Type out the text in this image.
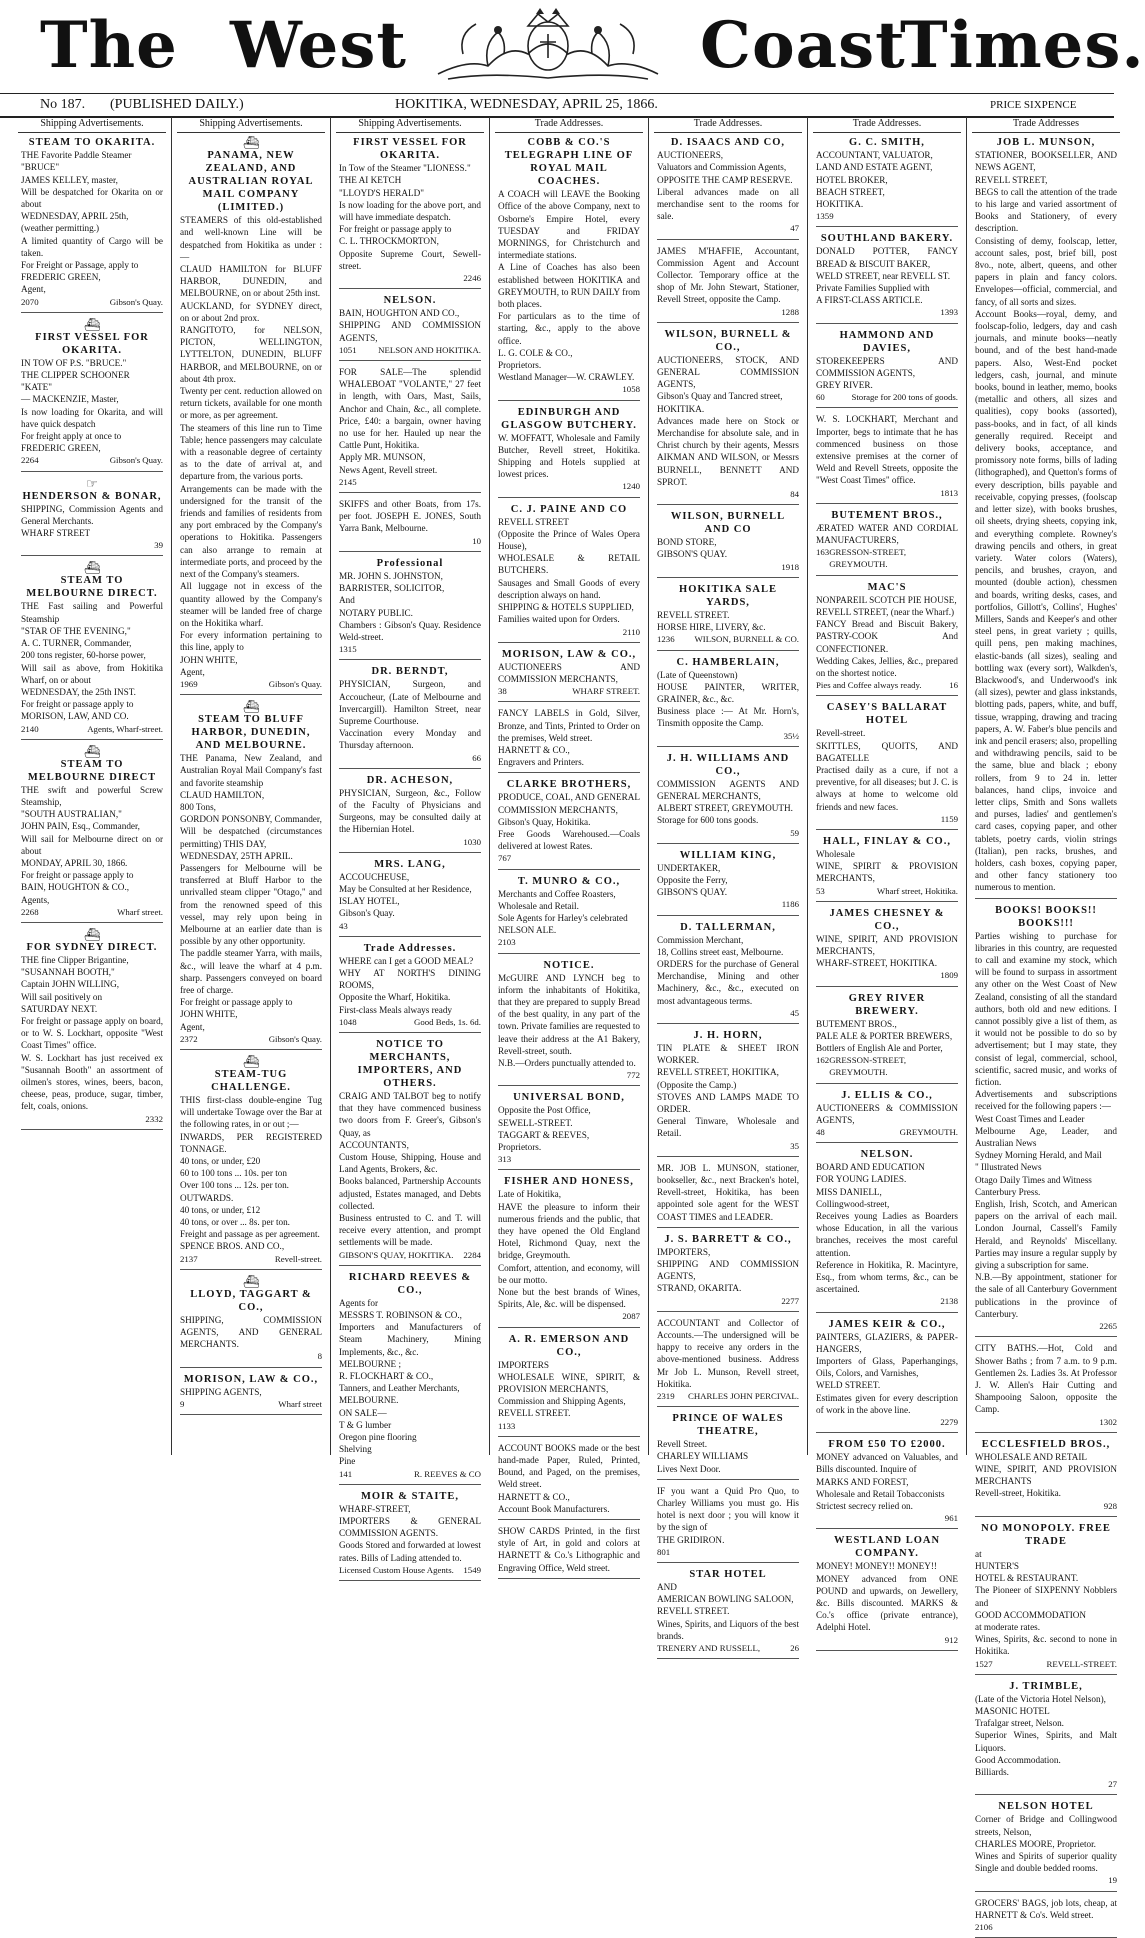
The West	Coast
Times.
No 187. (PUBLISHED DAILY.)	HOKITIKA, WEDNESDAY, APRIL 25, 1866.	PRICE SIXPENCE
Shipping Advertisements.

STEAM TO OKARITA.

THE Favorite Paddle Steamer
"BRUCE"
JAMES KELLEY, master,
Will be despatched for Okarita on or about
WEDNESDAY, APRIL 25th,
(weather permitting.)
A limited quantity of Cargo will be taken.
For Freight or Passage, apply to
FREDERIC GREEN,
Agent,

2070	Gibson's Quay.
⛴

FIRST VESSEL FOR OKARITA.

IN TOW OF P.S. "BRUCE."
THE CLIPPER SCHOONER
"KATE"
— MACKENZIE, Master,
Is now loading for Okarita, and will have quick despatch
For freight apply at once to
FREDERIC GREEN,

2264	Gibson's Quay.
☞

HENDERSON & BONAR,

SHIPPING, Commission Agents and General Merchants.
WHARF STREET

39
⛴

STEAM TO MELBOURNE DIRECT.

THE Fast sailing and Powerful Steamship
"STAR OF THE EVENING,"
A. C. TURNER, Commander,
200 tons register, 60-horse power,
Will sail as above, from Hokitika Wharf, on or about
WEDNESDAY, the 25th INST.
For freight or passage apply to
MORISON, LAW, AND CO.

2140	Agents, Wharf-street.
⛴

STEAM TO MELBOURNE DIRECT

THE swift and powerful Screw Steamship,
"SOUTH AUSTRALIAN,"
JOHN PAIN, Esq., Commander,
Will sail for Melbourne direct on or about
MONDAY, APRIL 30, 1866.
For freight or passage apply to
BAIN, HOUGHTON & CO.,
Agents,

2268	Wharf street.
⛴

FOR SYDNEY DIRECT.

THE fine Clipper Brigantine,
"SUSANNAH BOOTH,"
Captain JOHN WILLING,
Will sail positively on
SATURDAY NEXT.
For freight or passage apply on board, or to W. S. Lockhart, opposite "West Coast Times" office.
W. S. Lockhart has just received ex "Susannah Booth" an assortment of oilmen's stores, wines, beers, bacon, cheese, peas, produce, sugar, timber, felt, coals, onions.

2332
Shipping Advertisements.
⛴

PANAMA, NEW ZEALAND, AND AUSTRALIAN ROYAL MAIL COMPANY (LIMITED.)

STEAMERS of this old-established and well-known Line will be despatched from Hokitika as under :—
CLAUD HAMILTON for BLUFF HARBOR, DUNEDIN, and MELBOURNE, on or about 25th inst.
AUCKLAND, for SYDNEY direct, on or about 2nd prox.
RANGITOTO, for NELSON, PICTON, WELLINGTON, LYTTELTON, DUNEDIN, BLUFF HARBOR, and MELBOURNE, on or about 4th prox.
Twenty per cent. reduction allowed on return tickets, available for one month or more, as per agreement.
The steamers of this line run to Time Table; hence passengers may calculate with a reasonable degree of certainty as to the date of arrival at, and departure from, the various ports.
Arrangements can be made with the undersigned for the transit of the friends and families of residents from any port embraced by the Company's operations to Hokitika. Passengers can also arrange to remain at intermediate ports, and proceed by the next of the Company's steamers.
All luggage not in excess of the quantity allowed by the Company's steamer will be landed free of charge on the Hokitika wharf.
For every information pertaining to this line, apply to
JOHN WHITE,
Agent,

1969	Gibson's Quay.
⛴

STEAM TO BLUFF HARBOR, DUNEDIN, AND MELBOURNE.

THE Panama, New Zealand, and Australian Royal Mail Company's fast and favorite steamship
CLAUD HAMILTON,
800 Tons,
GORDON PONSONBY, Commander,
Will be despatched (circumstances permitting) THIS DAY,
WEDNESDAY, 25TH APRIL.
Passengers for Melbourne will be transferred at Bluff Harbor to the unrivalled steam clipper "Otago," and from the renowned speed of this vessel, may rely upon being in Melbourne at an earlier date than is possible by any other opportunity.
The paddle steamer Yarra, with mails, &c., will leave the wharf at 4 p.m. sharp. Passengers conveyed on board free of charge.
For freight or passage apply to
JOHN WHITE,
Agent,

2372	Gibson's Quay.
⛴

STEAM-TUG CHALLENGE.

THIS first-class double-engine Tug will undertake Towage over the Bar at the following rates, in or out ;—
INWARDS, PER REGISTERED TONNAGE.
40 tons, or under, £20
60 to 100 tons ... 10s. per ton
Over 100 tons ... 12s. per ton.
OUTWARDS.
40 tons, or under, £12
40 tons, or over ... 8s. per ton.
Freight and passage as per agreement.
SPENCE BROS. AND CO.,

2137	Revell-street.
⛴

LLOYD, TAGGART & CO.,

SHIPPING, COMMISSION AGENTS, AND GENERAL MERCHANTS.

8

MORISON, LAW & CO.,

SHIPPING AGENTS,

9	Wharf street
Shipping Advertisements.

FIRST VESSEL FOR OKARITA.

In Tow of the Steamer "LIONESS."
THE AI KETCH
"LLOYD'S HERALD"
Is now loading for the above port, and will have immediate despatch.
For freight or passage apply to
C. L. THROCKMORTON,
Opposite Supreme Court, Sewell-street.

2246

NELSON.

BAIN, HOUGHTON AND CO.,
SHIPPING AND COMMISSION AGENTS,

1051 NELSON AND HOKITIKA.

FOR SALE—The splendid WHALEBOAT "VOLANTE," 27 feet in length, with Oars, Mast, Sails, Anchor and Chain, &c., all complete. Price, £40: a bargain, owner having no use for her. Hauled up near the Cattle Punt, Hokitika.
Apply MR. MUNSON,
News Agent, Revell street.

2145

SKIFFS and other Boats, from 17s. per foot. JOSEPH E. JONES, South Yarra Bank, Melbourne.

10

Professional

MR. JOHN S. JOHNSTON,
BARRISTER, SOLICITOR,
And
NOTARY PUBLIC.
Chambers : Gibson's Quay. Residence Weld-street.

1315

DR. BERNDT,

PHYSICIAN, Surgeon, and Accoucheur, (Late of Melbourne and Invercargill). Hamilton Street, near Supreme Courthouse.
Vaccination every Monday and Thursday afternoon.

66

DR. ACHESON,

PHYSICIAN, Surgeon, &c., Follow of the Faculty of Physicians and Surgeons, may be consulted daily at the Hibernian Hotel.

1030

MRS. LANG,

ACCOUCHEUSE,
May be Consulted at her Residence,
ISLAY HOTEL,
Gibson's Quay.

43

Trade Addresses.

WHERE can I get a GOOD MEAL?
WHY AT NORTH'S DINING ROOMS,
Opposite the Wharf, Hokitika.
First-class Meals always ready

1048	Good Beds, 1s. 6d.

NOTICE TO MERCHANTS, IMPORTERS, AND OTHERS.

CRAIG AND TALBOT beg to notify that they have commenced business two doors from F. Greer's, Gibson's Quay, as
ACCOUNTANTS,
Custom House, Shipping, House and Land Agents, Brokers, &c.
Books balanced, Partnership Accounts adjusted, Estates managed, and Debts collected.
Business entrusted to C. and T. will receive every attention, and prompt settlements will be made.

GIBSON'S QUAY, HOKITIKA. 2284

RICHARD REEVES & CO.,

Agents for
MESSRS T. ROBINSON & CO.,
Importers and Manufacturers of Steam Machinery, Mining Implements, &c., &c.
MELBOURNE ;
R. FLOCKHART & CO.,
Tanners, and Leather Merchants,
MELBOURNE.
ON SALE—
T & G lumber
Oregon pine flooring
Shelving
Pine

141	R. REEVES & CO

MOIR & STAITE,

WHARF-STREET,
IMPORTERS & GENERAL COMMISSION AGENTS.
Goods Stored and forwarded at lowest rates. Bills of Lading attended to.

Licensed Custom House Agents. 1549
Trade Addresses.

COBB & CO.'S TELEGRAPH LINE OF ROYAL MAIL COACHES.

A COACH will LEAVE the Booking Office of the above Company, next to Osborne's Empire Hotel, every TUESDAY and FRIDAY MORNINGS, for Christchurch and intermediate stations.
A Line of Coaches has also been established between HOKITIKA and GREYMOUTH, to RUN DAILY from both places.
For particulars as to the time of starting, &c., apply to the above office.
L. G. COLE & CO.,
Proprietors.
Westland Manager—W. CRAWLEY.

1058

EDINBURGH AND GLASGOW BUTCHERY.

W. MOFFATT, Wholesale and Family Butcher, Revell street, Hokitika. Shipping and Hotels supplied at lowest prices.

1240

C. J. PAINE AND CO

REVELL STREET
(Opposite the Prince of Wales Opera House),
WHOLESALE & RETAIL BUTCHERS.
Sausages and Small Goods of every description always on hand.
SHIPPING & HOTELS SUPPLIED,
Families waited upon for Orders.

2110

MORISON, LAW & CO.,

AUCTIONEERS AND COMMISSION MERCHANTS,

38	WHARF STREET.

FANCY LABELS in Gold, Silver, Bronze, and Tints, Printed to Order on the premises, Weld street.
HARNETT & CO.,
Engravers and Printers.

CLARKE BROTHERS,

PRODUCE, COAL, AND GENERAL COMMISSION MERCHANTS,
Gibson's Quay, Hokitika.
Free Goods Warehoused.—Coals delivered at lowest Rates.

767

T. MUNRO & CO.,

Merchants and Coffee Roasters,
Wholesale and Retail.
Sole Agents for Harley's celebrated
NELSON ALE.

2103

NOTICE.

McGUIRE AND LYNCH beg to inform the inhabitants of Hokitika, that they are prepared to supply Bread of the best quality, in any part of the town. Private families are requested to leave their address at the A1 Bakery, Revell-street, south.
N.B.—Orders punctually attended to.

772

UNIVERSAL BOND,

Opposite the Post Office,
SEWELL-STREET.
TAGGART & REEVES,
Proprietors.

313

FISHER AND HONESS,

Late of Hokitika,
HAVE the pleasure to inform their numerous friends and the public, that they have opened the Old England Hotel, Richmond Quay, next the bridge, Greymouth.
Comfort, attention, and economy, will be our motto.
None but the best brands of Wines, Spirits, Ale, &c. will be dispensed.

2087

A. R. EMERSON AND CO.,

IMPORTERS
WHOLESALE WINE, SPIRIT, & PROVISION MERCHANTS,
Commission and Shipping Agents,
REVELL STREET.

1133

ACCOUNT BOOKS made or the best hand-made Paper, Ruled, Printed, Bound, and Paged, on the premises, Weld street.
HARNETT & CO.,
Account Book Manufacturers.

SHOW CARDS Printed, in the first style of Art, in gold and colors at HARNETT & Co.'s Lithographic and Engraving Office, Weld street.

Trade Addresses.

D. ISAACS AND CO,

AUCTIONEERS,
Valuators and Commission Agents,
OPPOSITE THE CAMP RESERVE.
Liberal advances made on all merchandise sent to the rooms for sale.

47

JAMES M'HAFFIE, Accountant, Commission Agent and Account Collector. Temporary office at the shop of Mr. John Stewart, Stationer, Revell Street, opposite the Camp.

1288

WILSON, BURNELL & CO.,

AUCTIONEERS, STOCK, AND GENERAL COMMISSION AGENTS,
Gibson's Quay and Tancred street,
HOKITIKA.
Advances made here on Stock or Merchandise for absolute sale, and in Christ church by their agents, Messrs AIKMAN AND WILSON, or Messrs BURNELL, BENNETT AND SPROT.

84

WILSON, BURNELL AND CO

BOND STORE,
GIBSON'S QUAY.

1918

HOKITIKA SALE YARDS,

REVELL STREET.
HORSE HIRE, LIVERY, &c.

1236 WILSON, BURNELL & CO.

C. HAMBERLAIN,

(Late of Queenstown)
HOUSE PAINTER, WRITER, GRAINER, &c., &c.
Business place :— At Mr. Horn's, Tinsmith opposite the Camp.

35½

J. H. WILLIAMS AND CO.,

COMMISSION AGENTS AND GENERAL MERCHANTS,
ALBERT STREET, GREYMOUTH.
Storage for 600 tons goods.

59

WILLIAM KING,

UNDERTAKER,
Opposite the Ferry,
GIBSON'S QUAY.

1186

D. TALLERMAN,

Commission Merchant,
18, Collins street east, Melbourne.
ORDERS for the purchase of General Merchandise, Mining and other Machinery, &c., &c., executed on most advantageous terms.

45

J. H. HORN,

TIN PLATE & SHEET IRON WORKER.
REVELL STREET, HOKITIKA,
(Opposite the Camp.)
STOVES AND LAMPS MADE TO ORDER.
General Tinware, Wholesale and Retail.

35

MR. JOB L. MUNSON, stationer, bookseller, &c., next Bracken's hotel, Revell-street, Hokitika, has been appointed sole agent for the WEST COAST TIMES and LEADER.

J. S. BARRETT & CO.,

IMPORTERS,
SHIPPING AND COMMISSION AGENTS,
STRAND, OKARITA.

2277

ACCOUNTANT and Collector of Accounts.—The undersigned will be happy to receive any orders in the above-mentioned business. Address Mr Job L. Munson, Revell street, Hokitika.

2319 CHARLES JOHN PERCIVAL.

PRINCE OF WALES THEATRE,

Revell Street.
CHARLEY WILLIAMS
Lives Next Door.

IF you want a Quid Pro Quo, to Charley Williams you must go. His hotel is next door ; you will know it by the sign of
THE GRIDIRON.

801

STAR HOTEL

AND
AMERICAN BOWLING SALOON,
REVELL STREET.
Wines, Spirits, and Liquors of the best brands.

TRENERY AND RUSSELL,	26
Trade Addresses.

G. C. SMITH,

ACCOUNTANT, VALUATOR,
LAND AND ESTATE AGENT,
HOTEL BROKER,
BEACH STREET,
HOKITIKA.

1359

SOUTHLAND BAKERY.

DONALD POTTER, FANCY BREAD & BISCUIT BAKER,
WELD STREET, near REVELL ST.
Private Families Supplied with
A FIRST-CLASS ARTICLE.

1393

HAMMOND AND DAVIES,

STOREKEEPERS AND COMMISSION AGENTS,
GREY RIVER.

60	Storage for 200 tons of goods.

W. S. LOCKHART, Merchant and Importer, begs to intimate that he has commenced business on those extensive premises at the corner of Weld and Revell Streets, opposite the "West Coast Times" office.

1813

BUTEMENT BROS.,

ÆRATED WATER AND CORDIAL MANUFACTURERS,

163 GRESSON-STREET, GREYMOUTH.

MAC'S

NONPAREIL SCOTCH PIE HOUSE,
REVELL STREET, (near the Wharf.)
FANCY Bread and Biscuit Bakery, PASTRY-COOK And CONFECTIONER.
Wedding Cakes, Jellies, &c., prepared on the shortest notice.

Pies and Coffee always ready.	16

CASEY'S BALLARAT HOTEL

Revell-street.
SKITTLES, QUOITS, AND BAGATELLE
Practised daily as a cure, if not a preventive, for all diseases; but J. C. is always at home to welcome old friends and new faces.

1159

HALL, FINLAY & CO.,

Wholesale
WINE, SPIRIT & PROVISION MERCHANTS,

53	Wharf street, Hokitika.

JAMES CHESNEY & CO.,

WINE, SPIRIT, AND PROVISION MERCHANTS,
WHARF-STREET, HOKITIKA.

1809

GREY RIVER BREWERY.

BUTEMENT BROS.,
PALE ALE & PORTER BREWERS,
Bottlers of English Ale and Porter,

162 GRESSON-STREET, GREYMOUTH.

J. ELLIS & CO.,

AUCTIONEERS & COMMISSION AGENTS,

48	GREYMOUTH.

NELSON.

BOARD AND EDUCATION
FOR YOUNG LADIES.
MISS DANIELL,
Collingwood-street,
Receives young Ladies as Boarders whose Education, in all the various branches, receives the most careful attention.
Reference in Hokitika, R. Macintyre, Esq., from whom terms, &c., can be ascertained.

2138

JAMES KEIR & CO.,

PAINTERS, GLAZIERS, & PAPER-HANGERS,
Importers of Glass, Paperhangings, Oils, Colors, and Varnishes,
WELD STREET.
Estimates given for every description of work in the above line.

2279

FROM £50 TO £2000.

MONEY advanced on Valuables, and Bills discounted. Inquire of
MARKS AND FOREST,
Wholesale and Retail Tobacconists
Strictest secrecy relied on.

961

WESTLAND LOAN COMPANY.

MONEY! MONEY!! MONEY!!
MONEY advanced from ONE POUND and upwards, on Jewellery, &c. Bills discounted. MARKS & Co.'s office (private entrance), Adelphi Hotel.

912
Trade Addresses

JOB L. MUNSON,

STATIONER, BOOKSELLER, AND NEWS AGENT,
REVELL STREET,
BEGS to call the attention of the trade to his large and varied assortment of Books and Stationery, of every description.
Consisting of demy, foolscap, letter, account sales, post, brief bill, post 8vo., note, albert, queens, and other papers in plain and fancy colors. Envelopes—official, commercial, and fancy, of all sorts and sizes.
Account Books—royal, demy, and foolscap-folio, ledgers, day and cash journals, and minute books—neatly bound, and of the best hand-made papers. Also, West-End pocket ledgers, cash, journal, and minute books, bound in leather, memo, books (metallic and others, all sizes and qualities), copy books (assorted), pass-books, and in fact, of all kinds generally required. Receipt and delivery books, acceptance, and promissory note forms, bills of lading (lithographed), and Quetton's forms of every description, bills payable and receivable, copying presses, (foolscap and letter size), with books brushes, oil sheets, drying sheets, copying ink, and everything complete. Rowney's drawing pencils and others, in great variety. Water colors (Waters), pencils, and brushes, crayon, and mounted (double action), chessmen and boards, writing desks, cases, and portfolios, Gillott's, Collins', Hughes' Millers, Sands and Keeper's and other steel pens, in great variety ; quills, quill pens, pen making machines, elastic-bands (all sizes), sealing and bottling wax (every sort), Walkden's, Blackwood's, and Underwood's ink (all sizes), pewter and glass inkstands, blotting pads, papers, white, and buff, tissue, wrapping, drawing and tracing papers, A. W. Faber's blue pencils and ink and pencil erasers; also, propelling and withdrawing pencils, said to be the same, blue and black ; ebony rollers, from 9 to 24 in. letter balances, hand clips, invoice and letter clips, Smith and Sons wallets and purses, ladies' and gentlemen's card cases, copying paper, and other tablets, poetry cards, violin strings (Italian), pen racks, brushes, and holders, cash boxes, copying paper, and other fancy stationery too numerous to mention.

BOOKS! BOOKS!! BOOKS!!!

Parties wishing to purchase for libraries in this country, are requested to call and examine my stock, which will be found to surpass in assortment any other on the West Coast of New Zealand, consisting of all the standard authors, both old and new editions. I cannot possibly give a list of them, as it would not be possible to do so by advertisement; but I may state, they consist of legal, commercial, school, scientific, sacred music, and works of fiction.
Advertisements and subscriptions received for the following papers :—
West Coast Times and Leader
Melbourne Age, Leader, and Australian News
Sydney Morning Herald, and Mail
" Illustrated News
Otago Daily Times and Witness
Canterbury Press.
English, Irish, Scotch, and American papers on the arrival of each mail. London Journal, Cassell's Family Herald, and Reynolds' Miscellany. Parties may insure a regular supply by giving a subscription for same.
N.B.—By appointment, stationer for the sale of all Canterbury Government publications in the province of Canterbury.

2265

CITY BATHS.—Hot, Cold and Shower Baths ; from 7 a.m. to 9 p.m. Gentlemen 2s. Ladies 3s. At Professor J. W. Allen's Hair Cutting and Shampooing Saloon, opposite the Camp.

1302

ECCLESFIELD BROS.,

WHOLESALE AND RETAIL
WINE, SPIRIT, AND PROVISION MERCHANTS
Revell-street, Hokitika.

928

NO MONOPOLY. FREE TRADE

at
HUNTER'S
HOTEL & RESTAURANT.
The Pioneer of SIXPENNY Nobblers and
GOOD ACCOMMODATION
at moderate rates.
Wines, Spirits, &c. second to none in Hokitika.

1527	REVELL-STREET.

J. TRIMBLE,

(Late of the Victoria Hotel Nelson),
MASONIC HOTEL
Trafalgar street, Nelson.
Superior Wines, Spirits, and Malt Liquors.
Good Accommodation.
Billiards.

27

NELSON HOTEL

Corner of Bridge and Collingwood streets, Nelson,
CHARLES MOORE, Proprietor.
Wines and Spirits of superior quality Single and double bedded rooms.

19

GROCERS' BAGS, job lots, cheap, at HARNETT & Co's. Weld street.

2106
